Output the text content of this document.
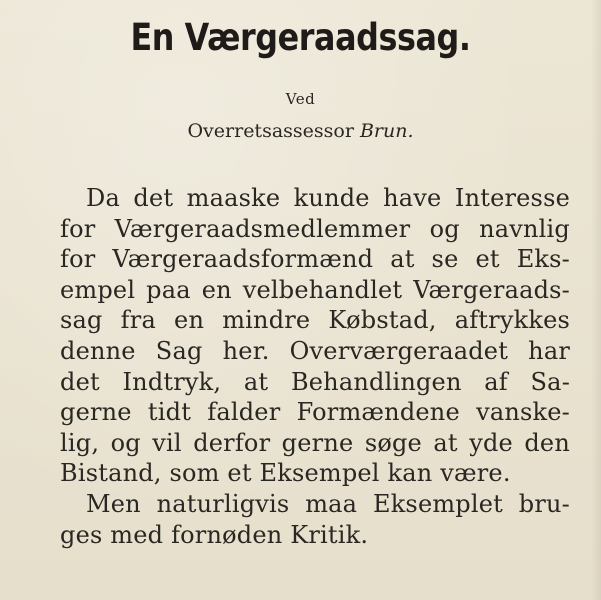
En Værgeraadssag.
Ved
Overretsassessor Brun.
Da det maaske kunde have Interesse
for Værgeraadsmedlemmer og navnlig
for Værgeraadsformænd at se et Eks-
empel paa en velbehandlet Værgeraads-
sag fra en mindre Købstad, aftrykkes
denne Sag her. Overværgeraadet har
det Indtryk, at Behandlingen af Sa-
gerne tidt falder Formændene vanske-
lig, og vil derfor gerne søge at yde den
Bistand, som et Eksempel kan være.
Men naturligvis maa Eksemplet bru-
ges med fornøden Kritik.
